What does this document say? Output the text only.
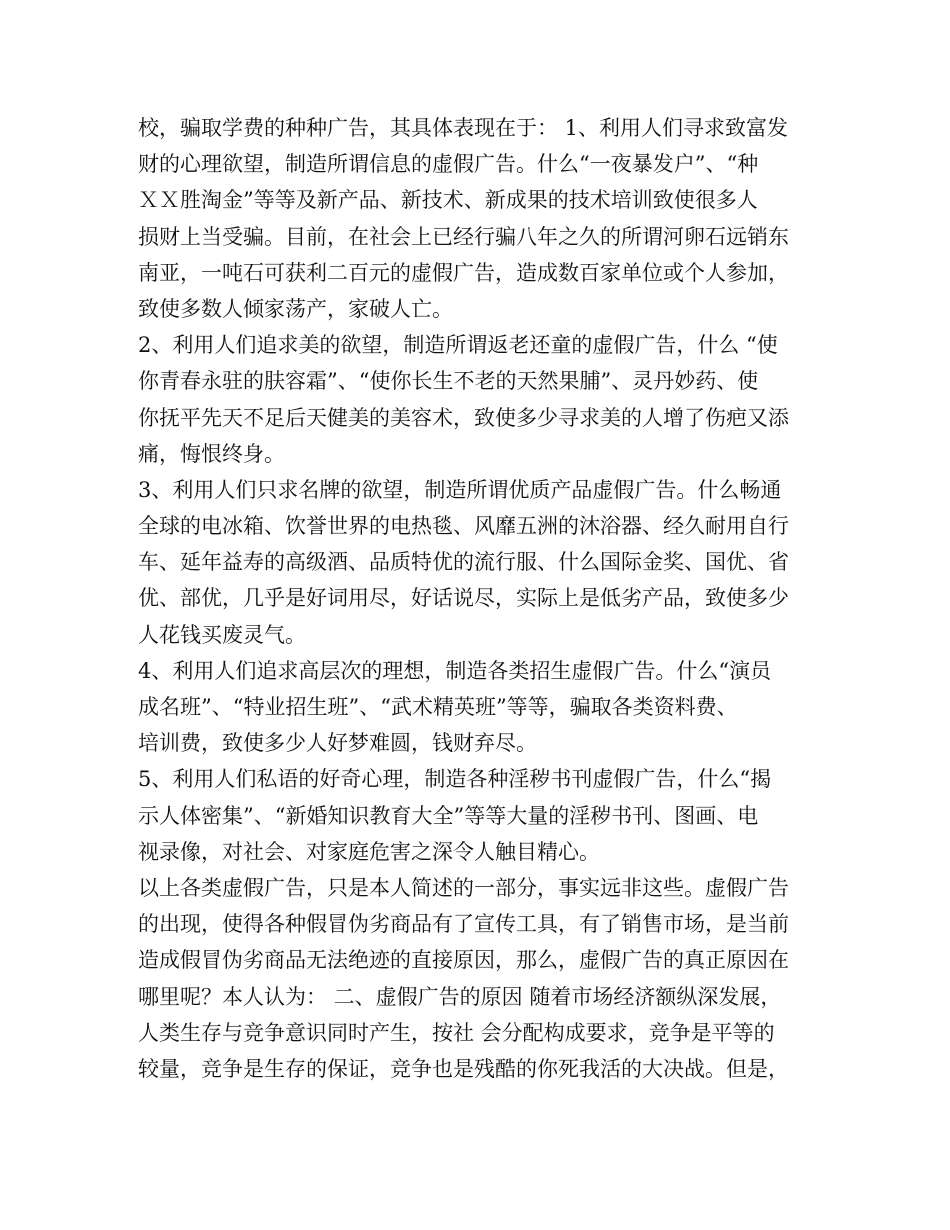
校，骗取学费的种种广告，其具体表现在于： 1、利用人们寻求致富发
财的心理欲望，制造所谓信息的虚假广告。什么“一夜暴发户”、“种
ＸＸ胜淘金”等等及新产品、新技术、新成果的技术培训致使很多人
损财上当受骗。目前，在社会上已经行骗八年之久的所谓河卵石远销东
南亚，一吨石可获利二百元的虚假广告，造成数百家单位或个人参加，
致使多数人倾家荡产，家破人亡。
2、利用人们追求美的欲望，制造所谓返老还童的虚假广告，什么 “使
你青春永驻的肤容霜”、“使你长生不老的天然果脯”、灵丹妙药、使
你抚平先天不足后天健美的美容术，致使多少寻求美的人增了伤疤又添
痛，悔恨终身。
3、利用人们只求名牌的欲望，制造所谓优质产品虚假广告。什么畅通
全球的电冰箱、饮誉世界的电热毯、风靡五洲的沐浴器、经久耐用自行
车、延年益寿的高级酒、品质特优的流行服、什么国际金奖、国优、省
优、部优，几乎是好词用尽，好话说尽，实际上是低劣产品，致使多少
人花钱买废灵气。
4、利用人们追求高层次的理想，制造各类招生虚假广告。什么“演员
成名班”、“特业招生班”、“武术精英班”等等，骗取各类资料费、
培训费，致使多少人好梦难圆，钱财弃尽。
5、利用人们私语的好奇心理，制造各种淫秽书刊虚假广告，什么“揭
示人体密集”、“新婚知识教育大全”等等大量的淫秽书刊、图画、电
视录像，对社会、对家庭危害之深令人触目精心。
以上各类虚假广告，只是本人简述的一部分，事实远非这些。虚假广告
的出现，使得各种假冒伪劣商品有了宣传工具，有了销售市场，是当前
造成假冒伪劣商品无法绝迹的直接原因，那么，虚假广告的真正原因在
哪里呢？本人认为： 二、虚假广告的原因 随着市场经济额纵深发展，
人类生存与竞争意识同时产生，按社 会分配构成要求，竞争是平等的
较量，竞争是生存的保证，竞争也是残酷的你死我活的大决战。但是，
